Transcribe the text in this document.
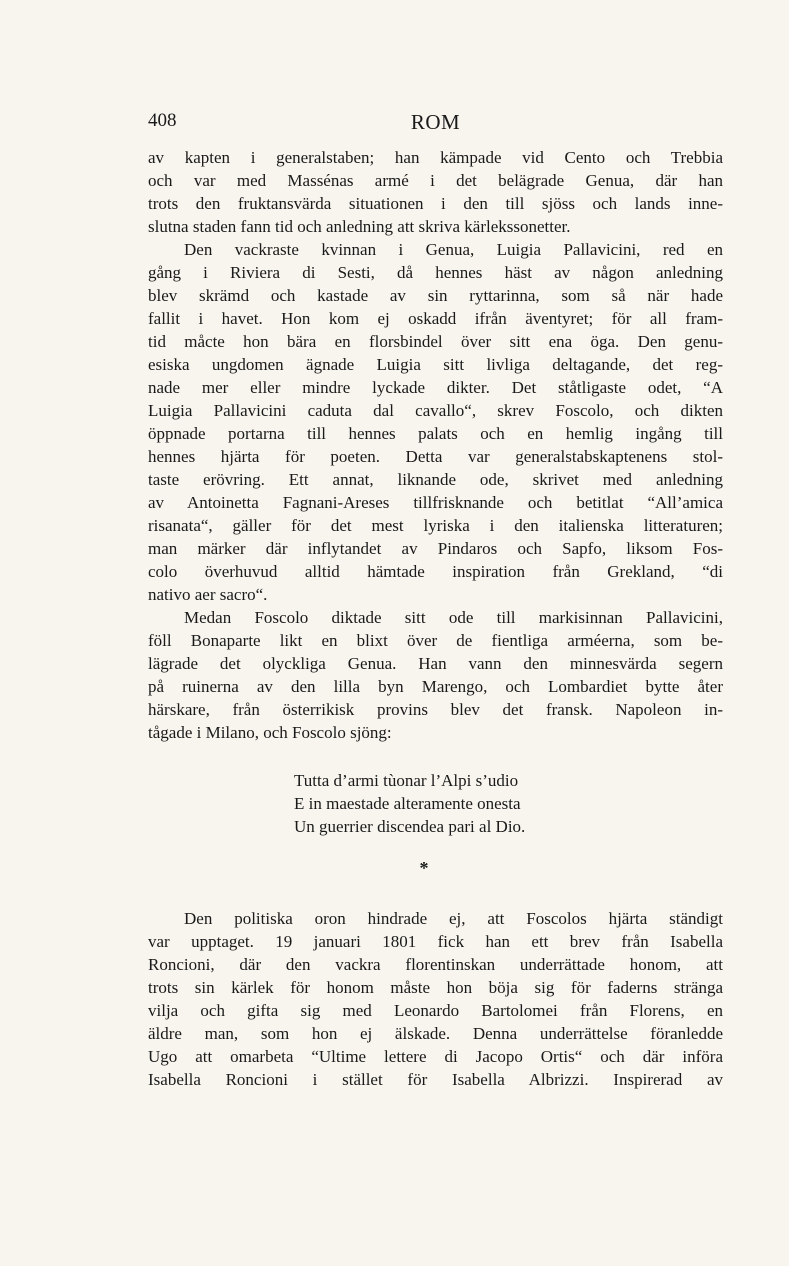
408	ROM
av kapten i generalstaben; han kämpade vid Cento och Trebbia
och var med Massénas armé i det belägrade Genua, där han
trots den fruktansvärda situationen i den till sjöss och lands inne-
slutna staden fann tid och anledning att skriva kärlekssonetter.
Den vackraste kvinnan i Genua, Luigia Pallavicini, red en
gång i Riviera di Sesti, då hennes häst av någon anledning
blev skrämd och kastade av sin ryttarinna, som så när hade
fallit i havet. Hon kom ej oskadd ifrån äventyret; för all fram-
tid måcte hon bära en florsbindel över sitt ena öga. Den genu-
esiska ungdomen ägnade Luigia sitt livliga deltagande, det reg-
nade mer eller mindre lyckade dikter. Det ståtligaste odet, “A
Luigia Pallavicini caduta dal cavallo“, skrev Foscolo, och dikten
öppnade portarna till hennes palats och en hemlig ingång till
hennes hjärta för poeten. Detta var generalstabskaptenens stol-
taste erövring. Ett annat, liknande ode, skrivet med anledning
av Antoinetta Fagnani-Areses tillfrisknande och betitlat “All’amica
risanata“, gäller för det mest lyriska i den italienska litteraturen;
man märker där inflytandet av Pindaros och Sapfo, liksom Fos-
colo överhuvud alltid hämtade inspiration från Grekland, “di
nativo aer sacro“.
Medan Foscolo diktade sitt ode till markisinnan Pallavicini,
föll Bonaparte likt en blixt över de fientliga arméerna, som be-
lägrade det olyckliga Genua. Han vann den minnesvärda segern
på ruinerna av den lilla byn Marengo, och Lombardiet bytte åter
härskare, från österrikisk provins blev det fransk. Napoleon in-
tågade i Milano, och Foscolo sjöng:
Tutta d’armi tùonar l’Alpi s’udio
E in maestade alteramente onesta
Un guerrier discendea pari al Dio.
*
Den politiska oron hindrade ej, att Foscolos hjärta ständigt
var upptaget. 19 januari 1801 fick han ett brev från Isabella
Roncioni, där den vackra florentinskan underrättade honom, att
trots sin kärlek för honom måste hon böja sig för faderns stränga
vilja och gifta sig med Leonardo Bartolomei från Florens, en
äldre man, som hon ej älskade. Denna underrättelse föranledde
Ugo att omarbeta “Ultime lettere di Jacopo Ortis“ och där införa
Isabella Roncioni i stället för Isabella Albrizzi. Inspirerad av
